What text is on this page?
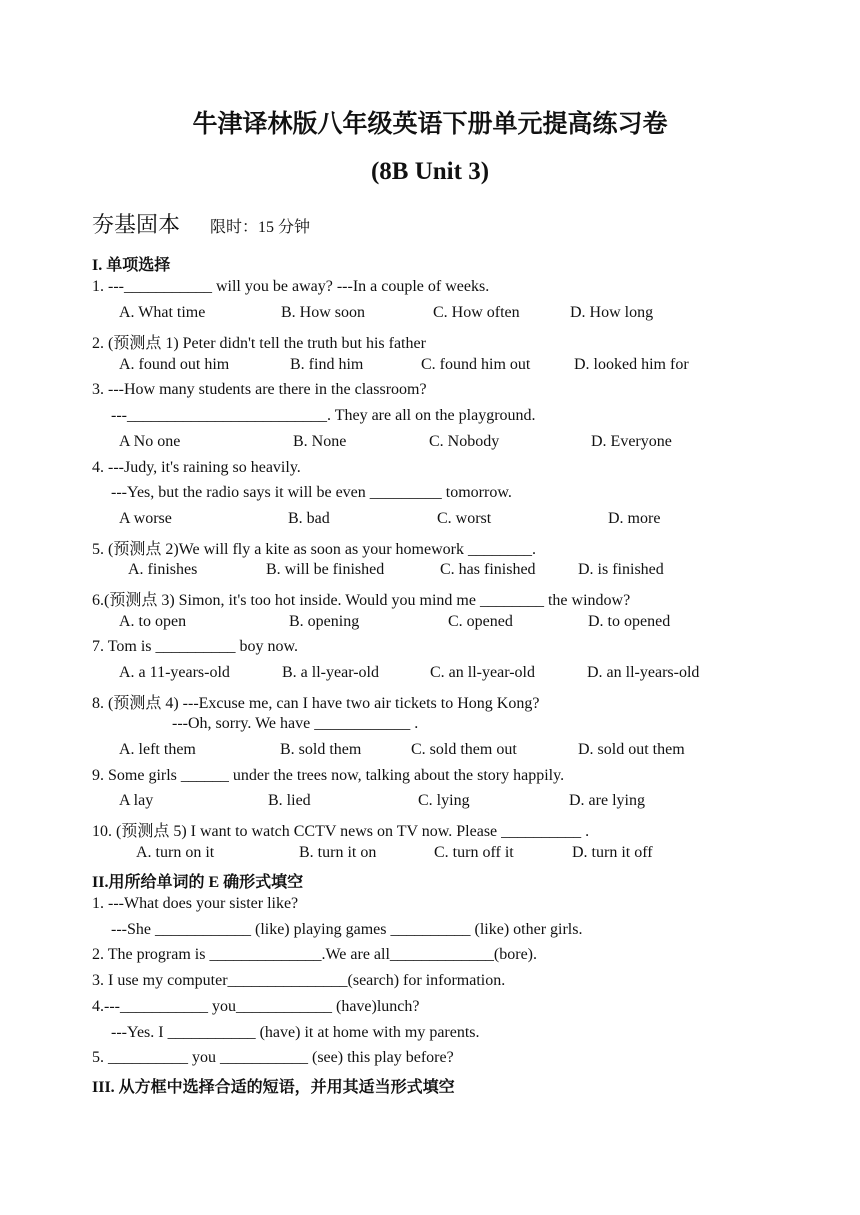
牛津译林版八年级英语下册单元提高练习卷
(8B Unit 3)
夯基固本 限时：15 分钟
I. 单项选择
1. ---___________ will you be away? ---In a couple of weeks.
A. What time	B. How soon	C. How often	D. How long
2. (预测点 1) Peter didn't tell the truth but his father
A. found out him	B. find him	C. found him out	D. looked him for
3. ---How many students are there in the classroom?
---_________________________. They are all on the playground.
A No one	B. None	C. Nobody	D. Everyone
4. ---Judy, it's raining so heavily.
---Yes, but the radio says it will be even _________ tomorrow.
A worse	B. bad	C. worst	D. more
5. (预测点 2)We will fly a kite as soon as your homework ________.
A. finishes	B. will be finished	C. has finished	D. is finished
6.(预测点 3) Simon, it's too hot inside. Would you mind me ________ the window?
A. to open	B. opening	C. opened	D. to opened
7. Tom is __________ boy now.
A. a 11-years-old	B. a ll-year-old	C. an ll-year-old	D. an ll-years-old
8. (预测点 4) ---Excuse me, can I have two air tickets to Hong Kong?
---Oh, sorry. We have ____________ .
A. left them	B. sold them	C. sold them out	D. sold out them
9. Some girls ______ under the trees now, talking about the story happily.
A lay	B. lied	C. lying	D. are lying
10. (预测点 5) I want to watch CCTV news on TV now. Please __________ .
A. turn on it	B. turn it on	C. turn off it	D. turn it off
II.用所给单词的 E 确形式填空
1. ---What does your sister like?
---She ____________ (like) playing games __________ (like) other girls.
2. The program is ______________.We are all_____________(bore).
3. I use my computer_______________(search) for information.
4.---___________ you____________ (have)lunch?
---Yes. I ___________ (have) it at home with my parents.
5. __________ you ___________ (see) this play before?
III. 从方框中选择合适的短语，并用其适当形式填空
